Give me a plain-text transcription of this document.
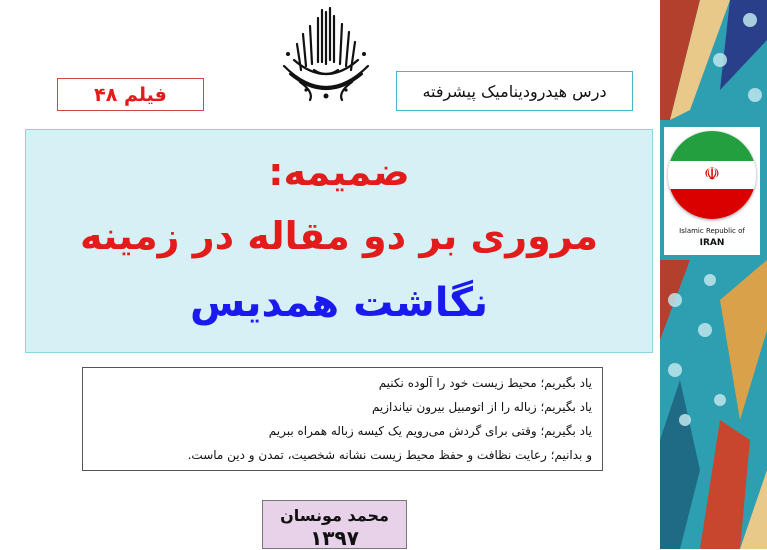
فیلم ۴۸	درس هیدرودینامیک پیشرفته
ضمیمه:
مروری بر دو مقاله در زمینه
نگاشت همدیس
یاد بگیریم؛ محیط زیست خود را آلوده نکنیم
یاد بگیریم؛ زباله را از اتومبیل بیرون نیاندازیم
یاد بگیریم؛ وقتی برای گردش می‌رویم یک کیسه زباله همراه ببریم
و بدانیم؛ رعایت نظافت و حفظ محیط زیست نشانه شخصیت، تمدن و دین ماست.
محمد مونسان
۱۳۹۷
☫
Islamic Republic of
IRAN
